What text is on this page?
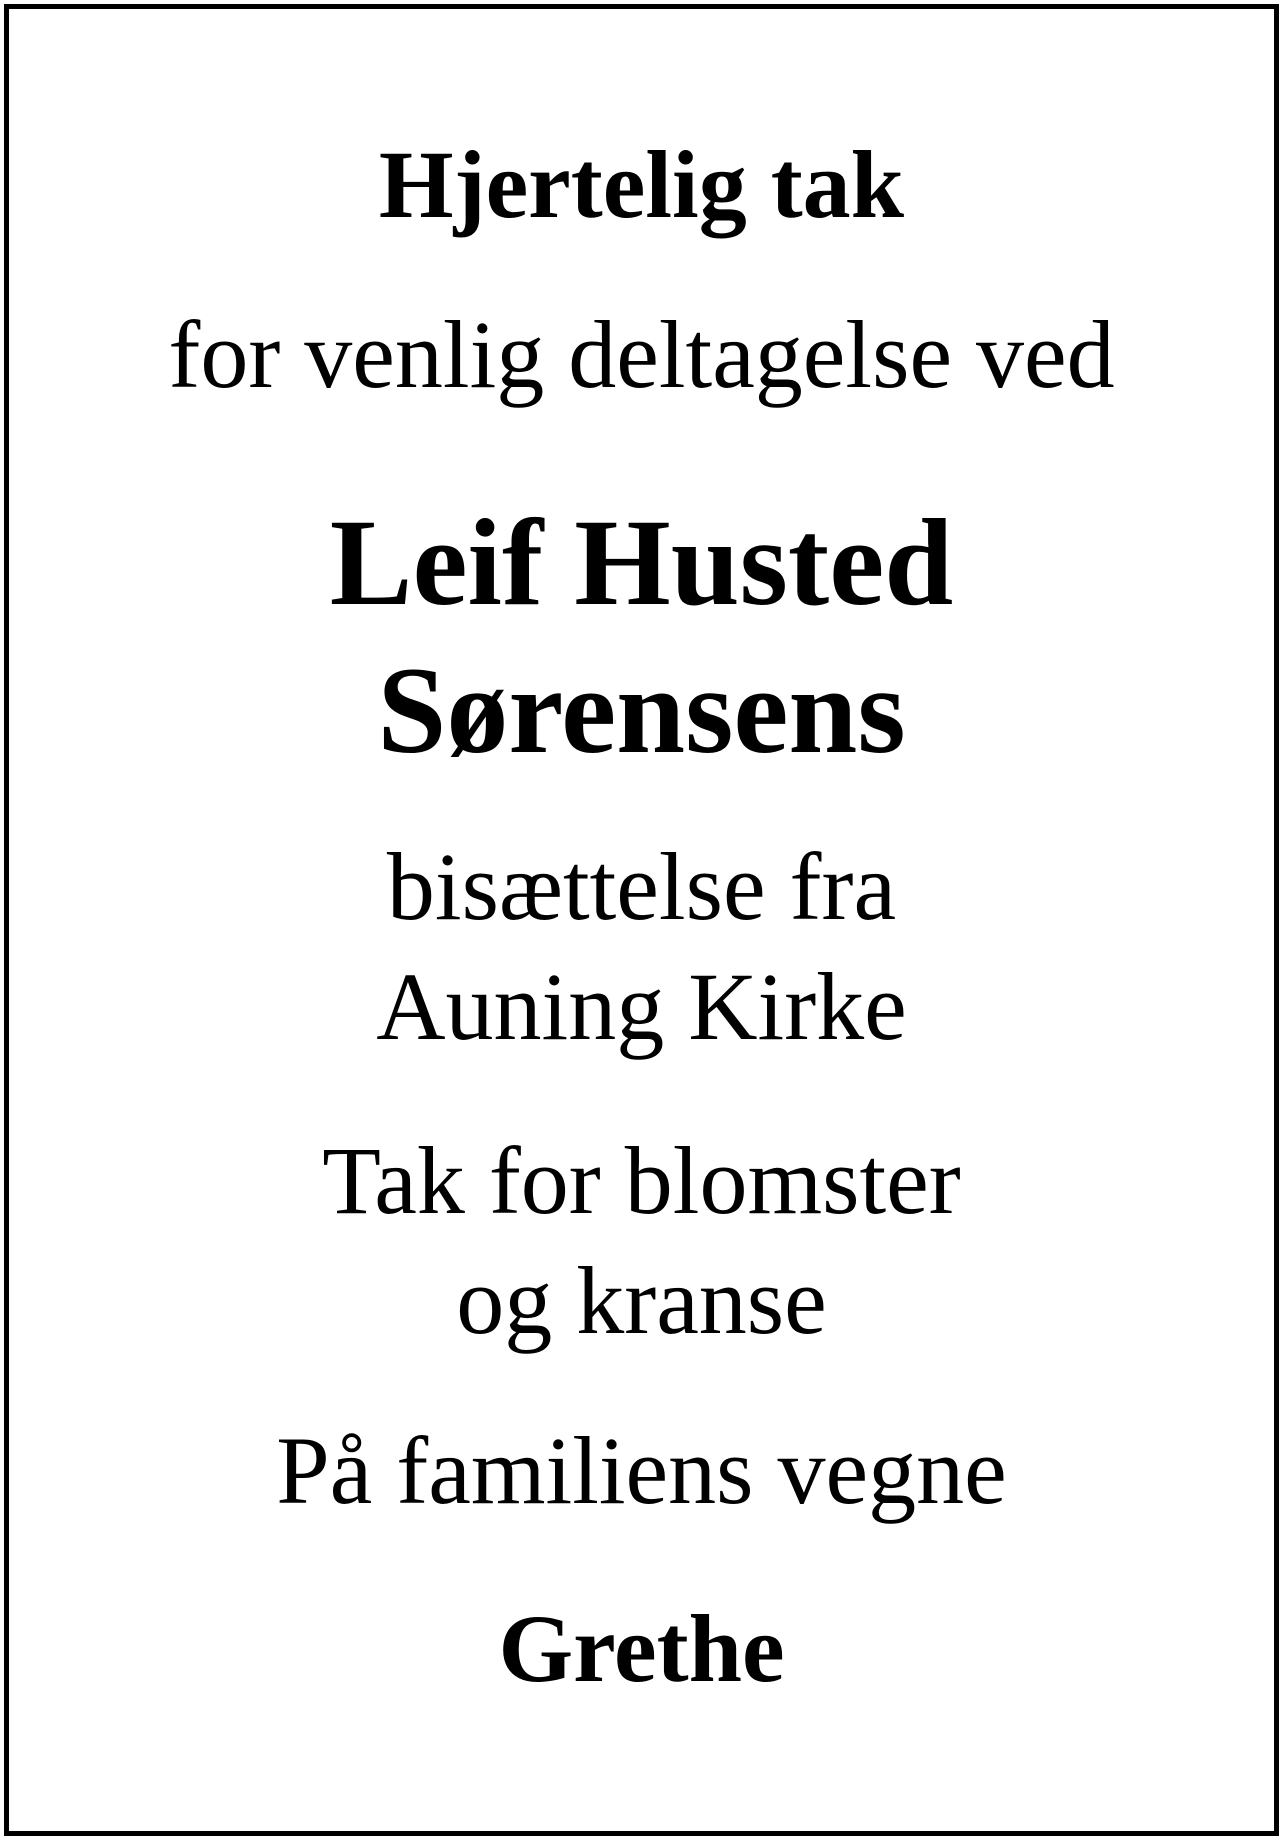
Hjertelig tak
for venlig deltagelse ved
Leif Husted
Sørensens
bisættelse fra
Auning Kirke
Tak for blomster
og kranse
På familiens vegne
Grethe
